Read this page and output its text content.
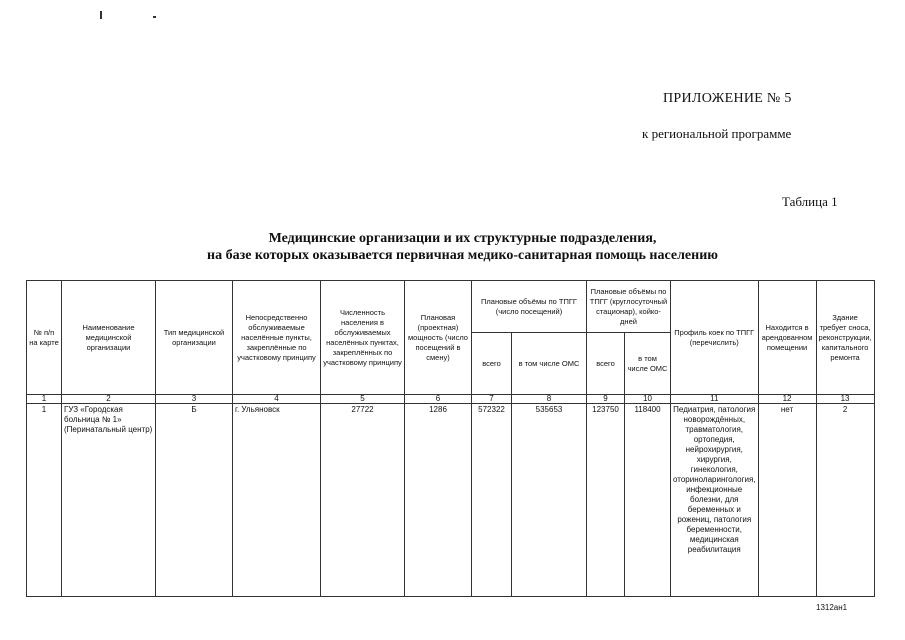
ПРИЛОЖЕНИЕ № 5
к региональной программе
Таблица 1
Медицинские организации и их структурные подразделения,
на базе которых оказывается первичная медико-санитарная помощь населению
№ п/п на карте	Наименование медицинской организации	Тип медицинской организации	Непосредственно обслуживаемые населённые пункты, закреплённые по участковому принципу	Численность населения в обслуживаемых населённых пунктах, закреплённых по участковому принципу	Плановая (проектная) мощность (число посещений в смену)	Плановые объёмы по ТПГГ (число посещений)		Плановые объёмы по ТПГГ (круглосуточный стационар), койко-дней		Профиль коек по ТПГГ (перечислить)	Находится в арендованном помещении	Здание требует сноса, реконструкции, капитального ремонта
						всего	в том числе ОМС	всего	в том числе ОМС			
1	2	3	4	5	6	7	8	9	10	11	12	13
1	ГУЗ «Городская больница № 1» (Перинатальный центр)	Б	г. Ульяновск	27722	1286	572322	535653	123750	118400	Педиатрия, патология новорождённых, травматология, ортопедия, нейрохирургия, хирургия, гинекология, оториноларингология, инфекционные болезни, для беременных и рожениц, патология беременности, медицинская реабилитация	нет	2
1312ан1
